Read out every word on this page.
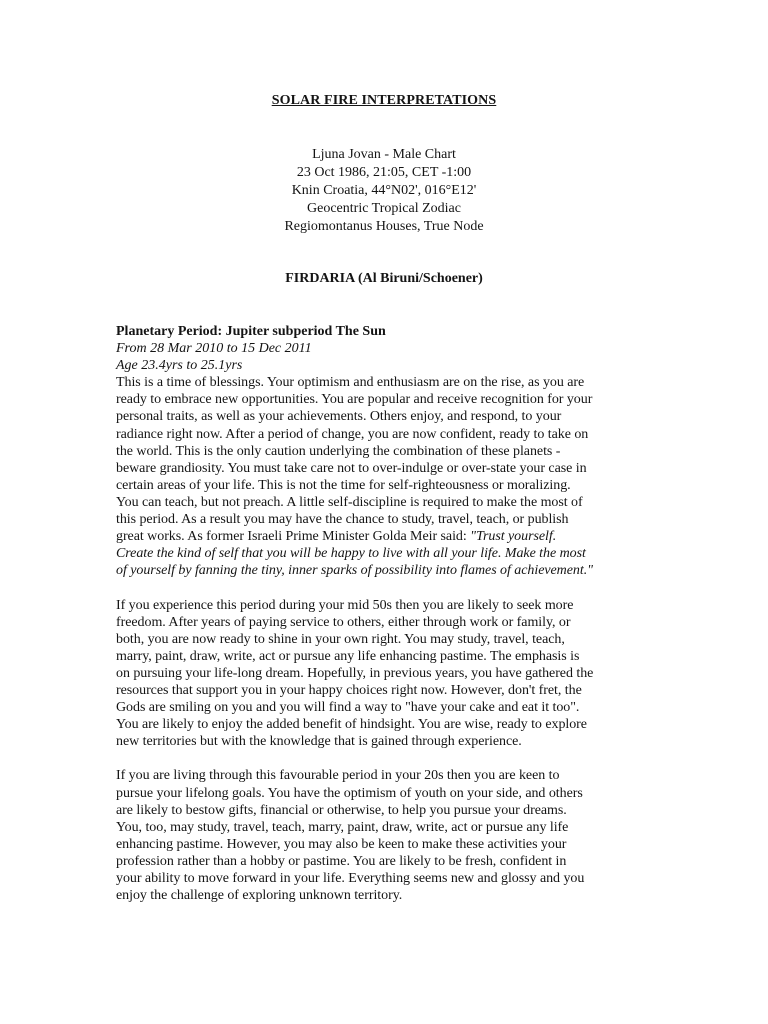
SOLAR FIRE INTERPRETATIONS
Ljuna Jovan - Male Chart
23 Oct 1986, 21:05, CET -1:00
Knin Croatia, 44°N02', 016°E12'
Geocentric Tropical Zodiac
Regiomontanus Houses, True Node
FIRDARIA (Al Biruni/Schoener)
Planetary Period: Jupiter subperiod The Sun
From 28 Mar 2010 to 15 Dec 2011
Age 23.4yrs to 25.1yrs

This is a time of blessings. Your optimism and enthusiasm are on the rise, as you are
ready to embrace new opportunities. You are popular and receive recognition for your
personal traits, as well as your achievements. Others enjoy, and respond, to your
radiance right now. After a period of change, you are now confident, ready to take on
the world. This is the only caution underlying the combination of these planets -
beware grandiosity. You must take care not to over-indulge or over-state your case in
certain areas of your life. This is not the time for self-righteousness or moralizing.
You can teach, but not preach. A little self-discipline is required to make the most of
this period. As a result you may have the chance to study, travel, teach, or publish
great works. As former Israeli Prime Minister Golda Meir said: "Trust yourself.
Create the kind of self that you will be happy to live with all your life. Make the most
of yourself by fanning the tiny, inner sparks of possibility into flames of achievement."

If you experience this period during your mid 50s then you are likely to seek more
freedom. After years of paying service to others, either through work or family, or
both, you are now ready to shine in your own right. You may study, travel, teach,
marry, paint, draw, write, act or pursue any life enhancing pastime. The emphasis is
on pursuing your life-long dream. Hopefully, in previous years, you have gathered the
resources that support you in your happy choices right now. However, don't fret, the
Gods are smiling on you and you will find a way to "have your cake and eat it too".
You are likely to enjoy the added benefit of hindsight. You are wise, ready to explore
new territories but with the knowledge that is gained through experience.

If you are living through this favourable period in your 20s then you are keen to
pursue your lifelong goals. You have the optimism of youth on your side, and others
are likely to bestow gifts, financial or otherwise, to help you pursue your dreams.
You, too, may study, travel, teach, marry, paint, draw, write, act or pursue any life
enhancing pastime. However, you may also be keen to make these activities your
profession rather than a hobby or pastime. You are likely to be fresh, confident in
your ability to move forward in your life. Everything seems new and glossy and you
enjoy the challenge of exploring unknown territory.
